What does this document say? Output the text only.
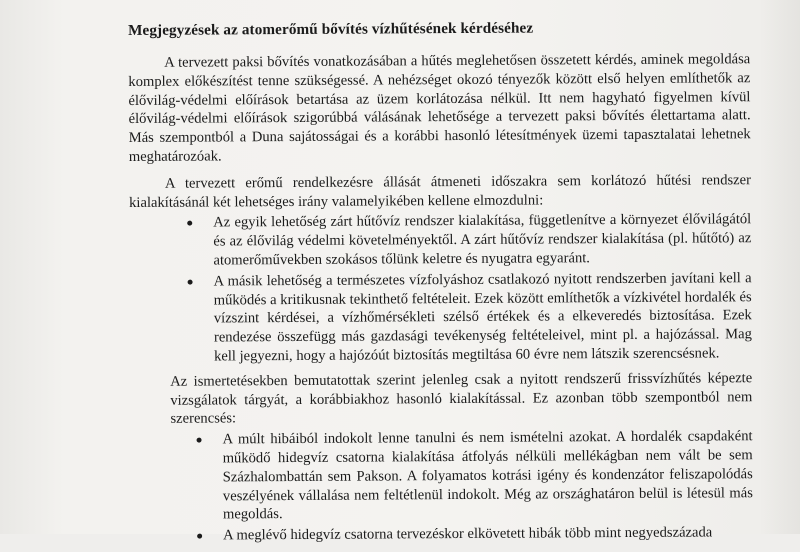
Megjegyzések az atomerőmű bővítés vízhűtésének kérdéséhez

A tervezett paksi bővítés vonatkozásában a hűtés meglehetősen összetett kérdés, aminek megoldása komplex előkészítést tenne szükségessé. A nehézséget okozó tényezők között első helyen említhetők az élővilág-védelmi előírások betartása az üzem korlátozása nélkül. Itt nem hagyható figyelmen kívül élővilág-védelmi előírások szigorúbbá válásának lehetősége a tervezett paksi bővítés élettartama alatt. Más szempontból a Duna sajátosságai és a korábbi hasonló létesítmények üzemi tapasztalatai lehetnek meghatározóak.

A tervezett erőmű rendelkezésre állását átmeneti időszakra sem korlátozó hűtési rendszer kialakításánál két lehetséges irány valamelyikében kellene elmozdulni:

Az egyik lehetőség zárt hűtővíz rendszer kialakítása, függetlenítve a környezet élővilágától és az élővilág védelmi követelményektől. A zárt hűtővíz rendszer kialakítása (pl. hűtőtó) az atomerőművekben szokásos tőlünk keletre és nyugatra egyaránt.
A másik lehetőség a természetes vízfolyáshoz csatlakozó nyitott rendszerben javítani kell a működés a kritikusnak tekinthető feltételeit. Ezek között említhetők a vízkivétel hordalék és vízszint kérdései, a vízhőmérsékleti szélső értékek és a elkeveredés biztosítása. Ezek rendezése összefügg más gazdasági tevékenység feltételeivel, mint pl. a hajózással. Mag kell jegyezni, hogy a hajózóút biztosítás megtiltása 60 évre nem látszik szerencsésnek.

Az ismertetésekben bemutatottak szerint jelenleg csak a nyitott rendszerű frissvízhűtés képezte vizsgálatok tárgyát, a korábbiakhoz hasonló kialakítással. Ez azonban több szempontból nem szerencsés:

A múlt hibáiból indokolt lenne tanulni és nem ismételni azokat. A hordalék csapdaként működő hidegvíz csatorna kialakítása átfolyás nélküli mellékágban nem vált be sem Százhalombattán sem Pakson. A folyamatos kotrási igény és kondenzátor feliszapolódás veszélyének vállalása nem feltétlenül indokolt. Még az országhatáron belül is létesül más megoldás.
A meglévő hidegvíz csatorna tervezéskor elkövetett hibák több mint negyedszázada
